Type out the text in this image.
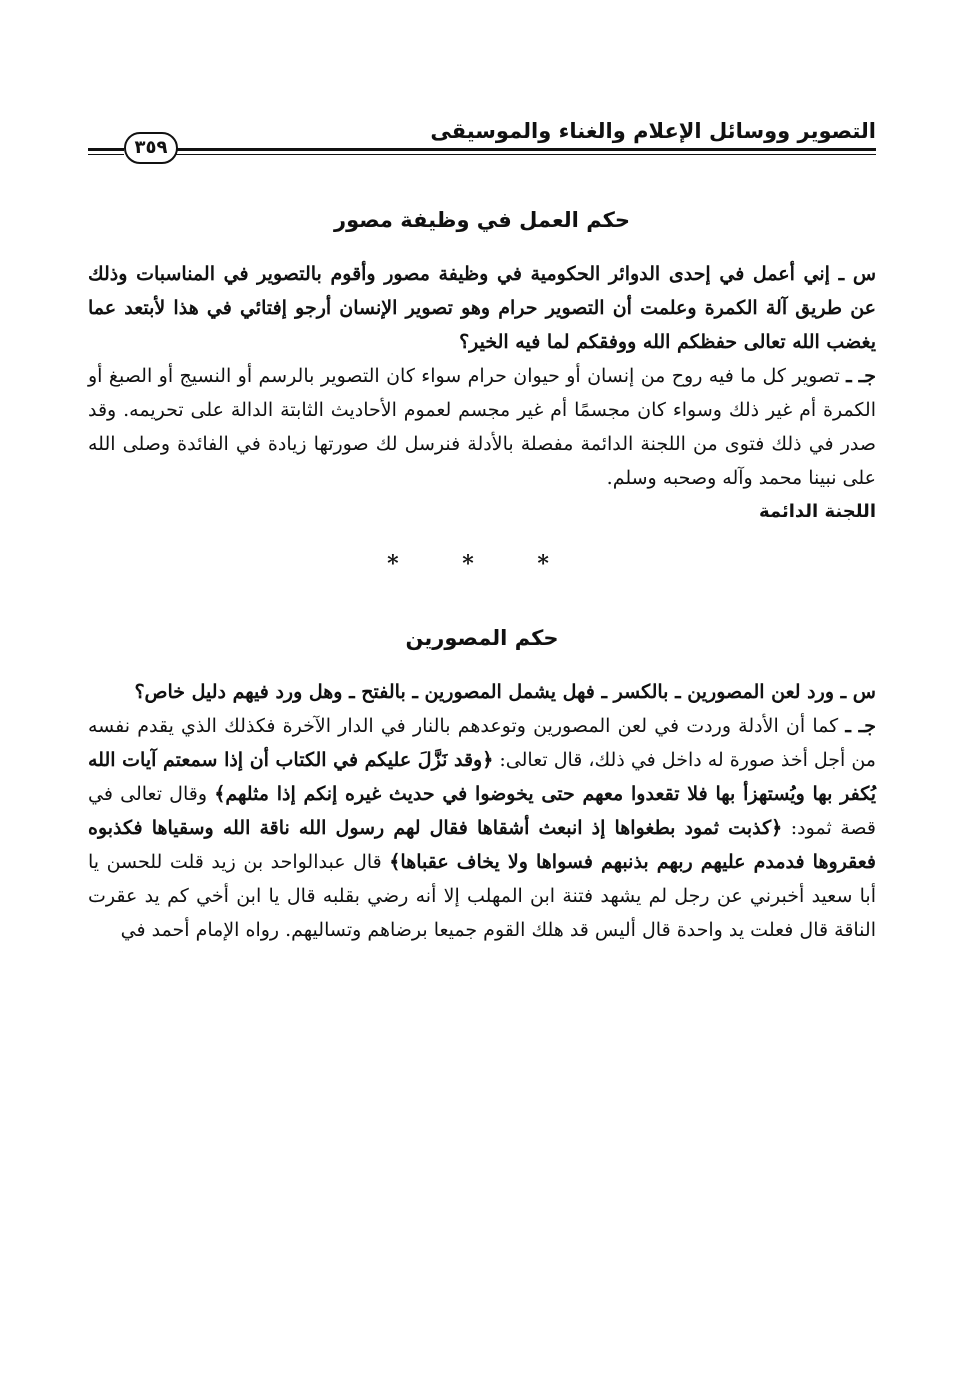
التصوير ووسائل الإعلام والغناء والموسيقى
٣٥٩
حكم العمل في وظيفة مصور

س ـ إني أعمل في إحدى الدوائر الحكومية في وظيفة مصور وأقوم بالتصوير في المناسبات وذلك عن طريق آلة الكمرة وعلمت أن التصوير حرام وهو تصوير الإنسان أرجو إفتائي في هذا لأبتعد عما يغضب الله تعالى حفظكم الله ووفقكم لما فيه الخير؟

جـ ـ تصوير كل ما فيه روح من إنسان أو حيوان حرام سواء كان التصوير بالرسم أو النسيج أو الصبغ أو الكمرة أم غير ذلك وسواء كان مجسمًا أم غير مجسم لعموم الأحاديث الثابتة الدالة على تحريمه. وقد صدر في ذلك فتوى من اللجنة الدائمة مفصلة بالأدلة فنرسل لك صورتها زيادة في الفائدة وصلى الله على نبينا محمد وآله وصحبه وسلم.

اللجنة الدائمة
* * *
حكم المصورين

س ـ ورد لعن المصورين ـ بالكسر ـ فهل يشمل المصورين ـ بالفتح ـ وهل ورد فيهم دليل خاص؟

جـ ـ كما أن الأدلة وردت في لعن المصورين وتوعدهم بالنار في الدار الآخرة فكذلك الذي يقدم نفسه من أجل أخذ صورة له داخل في ذلك، قال تعالى: ﴿وقد نَزَّلَ عليكم في الكتاب أن إذا سمعتم آيات الله يُكفر بها ويُستهزأ بها فلا تقعدوا معهم حتى يخوضوا في حديث غيره إنكم إذا مثلهم﴾ وقال تعالى في قصة ثمود: ﴿كذبت ثمود بطغواها إذ انبعث أشقاها فقال لهم رسول الله ناقة الله وسقياها فكذبوه فعقروها فدمدم عليهم ربهم بذنبهم فسواها ولا يخاف عقباها﴾ قال عبدالواحد بن زيد قلت للحسن يا أبا سعيد أخبرني عن رجل لم يشهد فتنة ابن المهلب إلا أنه رضي بقلبه قال يا ابن أخي كم يد عقرت الناقة قال فعلت يد واحدة قال أليس قد هلك القوم جميعا برضاهم وتساليهم. رواه الإمام أحمد في
